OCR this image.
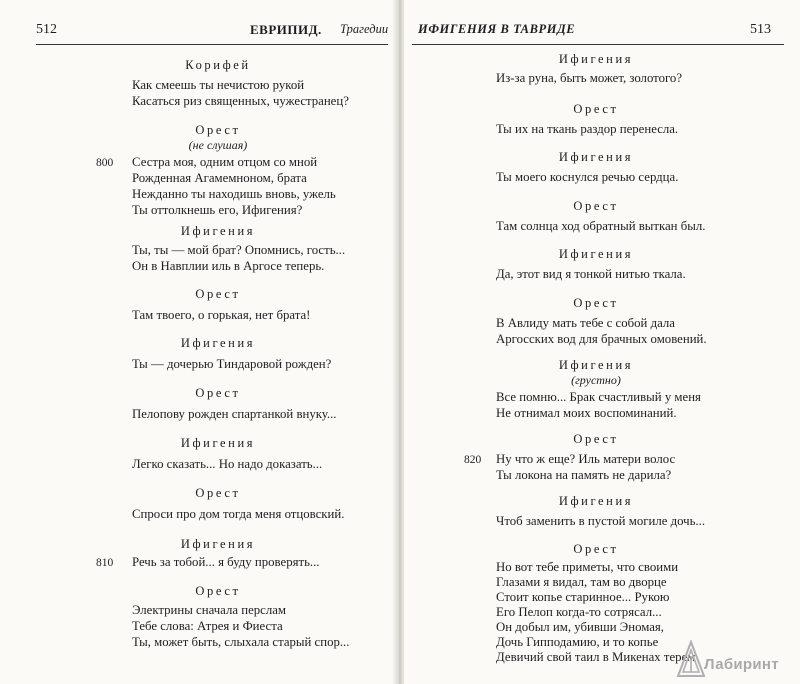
512	ЕВРИПИД. Трагедии
Корифей
Как смеешь ты нечистою рукой
Касаться риз священных, чужестранец?
Орест
(не слушая)
800 Сестра моя, одним отцом со мной
Рожденная Агамемноном, брата
Нежданно ты находишь вновь, ужель
Ты оттолкнешь его, Ифигения?
Ифигения
Ты, ты — мой брат? Опомнись, гость...
Он в Навплии иль в Аргосе теперь.
Орест
Там твоего, о горькая, нет брата!
Ифигения
Ты — дочерью Тиндаровой рожден?
Орест
Пелопову рожден спартанкой внуку...
Ифигения
Легко сказать... Но надо доказать...
Орест
Спроси про дом тогда меня отцовский.
Ифигения
810 Речь за тобой... я буду проверять...
Орест
Электрины сначала перслам
Тебе слова: Атрея и Фиеста
Ты, может быть, слыхала старый спор...
ИФИГЕНИЯ В ТАВРИДЕ	513
Ифигения
Из-за руна, быть может, золотого?
Орест
Ты их на ткань раздор перенесла.
Ифигения
Ты моего коснулся речью сердца.
Орест
Там солнца ход обратный выткан был.
Ифигения
Да, этот вид я тонкой нитью ткала.
Орест
В Авлиду мать тебе с собой дала
Аргосских вод для брачных омовений.
Ифигения
(грустно)
Все помню... Брак счастливый у меня
Не отнимал моих воспоминаний.
Орест
820 Ну что ж еще? Иль матери волос
Ты локона на память не дарила?
Ифигения
Чтоб заменить в пустой могиле дочь...
Орест
Но вот тебе приметы, что своими
Глазами я видал, там во дворце
Стоит копье старинное... Рукою
Его Пелоп когда-то сотрясал...
Он добыл им, убивши Эномая,
Дочь Гипподамию, и то копье
Девичий свой таил в Микенах терем Лабиринт
